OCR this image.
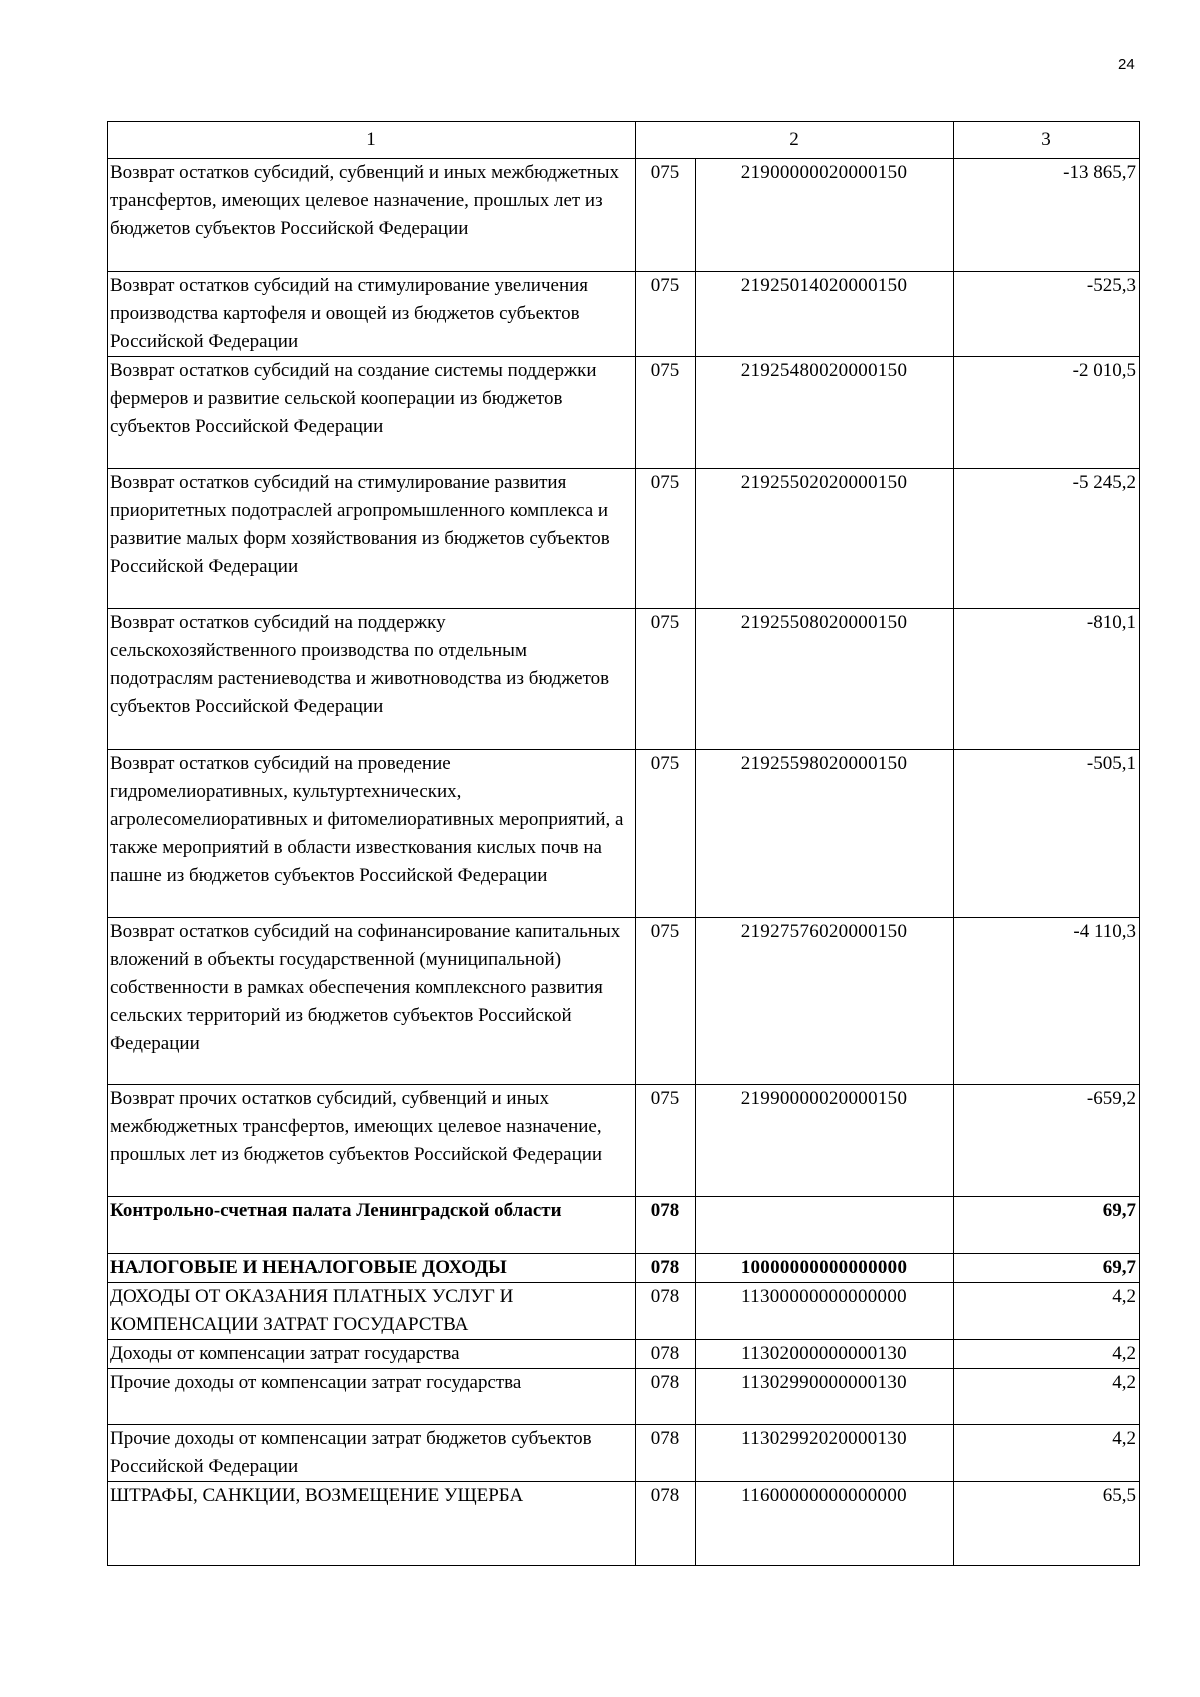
24
1	2		3
Возврат остатков субсидий, субвенций и иных межбюджетных трансфертов, имеющих целевое назначение, прошлых лет из бюджетов субъектов Российской Федерации	075	21900000020000150	-13 865,7
Возврат остатков субсидий на стимулирование увеличения производства картофеля и овощей из бюджетов субъектов Российской Федерации	075	21925014020000150	-525,3
Возврат остатков субсидий на создание системы поддержки фермеров и развитие сельской кооперации из бюджетов субъектов Российской Федерации	075	21925480020000150	-2 010,5
Возврат остатков субсидий на стимулирование развития приоритетных подотраслей агропромышленного комплекса и развитие малых форм хозяйствования из бюджетов субъектов Российской Федерации	075	21925502020000150	-5 245,2
Возврат остатков субсидий на поддержку сельскохозяйственного производства по отдельным подотраслям растениеводства и животноводства из бюджетов субъектов Российской Федерации	075	21925508020000150	-810,1
Возврат остатков субсидий на проведение гидромелиоративных, культуртехнических, агролесомелиоративных и фитомелиоративных мероприятий, а также мероприятий в области известкования кислых почв на пашне из бюджетов субъектов Российской Федерации	075	21925598020000150	-505,1
Возврат остатков субсидий на софинансирование капитальных вложений в объекты государственной (муниципальной) собственности в рамках обеспечения комплексного развития сельских территорий из бюджетов субъектов Российской Федерации	075	21927576020000150	-4 110,3
Возврат прочих остатков субсидий, субвенций и иных межбюджетных трансфертов, имеющих целевое назначение, прошлых лет из бюджетов субъектов Российской Федерации	075	21990000020000150	-659,2
Контрольно-счетная палата Ленинградской области	078		69,7
НАЛОГОВЫЕ И НЕНАЛОГОВЫЕ ДОХОДЫ	078	10000000000000000	69,7
ДОХОДЫ ОТ ОКАЗАНИЯ ПЛАТНЫХ УСЛУГ И КОМПЕНСАЦИИ ЗАТРАТ ГОСУДАРСТВА	078	11300000000000000	4,2
Доходы от компенсации затрат государства	078	11302000000000130	4,2
Прочие доходы от компенсации затрат государства	078	11302990000000130	4,2
Прочие доходы от компенсации затрат бюджетов субъектов Российской Федерации	078	11302992020000130	4,2
ШТРАФЫ, САНКЦИИ, ВОЗМЕЩЕНИЕ УЩЕРБА	078	11600000000000000	65,5
